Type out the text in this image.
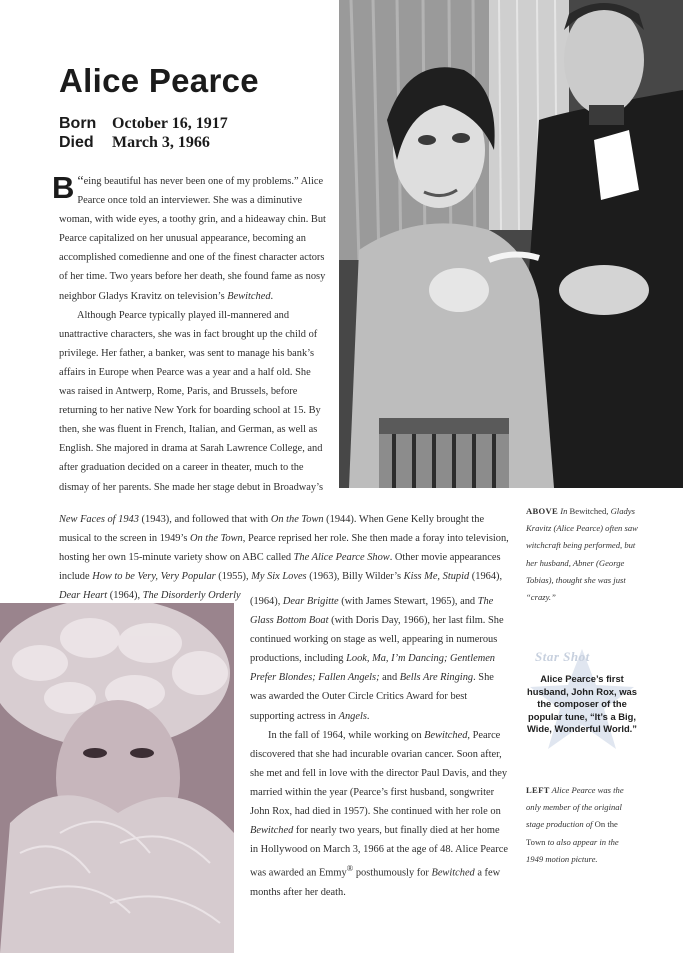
Alice Pearce
Born October 16, 1917
Died March 3, 1966

“
B eing beautiful has never been one of my problems.” Alice Pearce once told an interviewer. She was a diminutive woman, with wide eyes, a toothy grin, and a hideaway chin. But Pearce capitalized on her unusual appearance, becoming an accomplished comedienne and one of the finest character actors of her time. Two years before her death, she found fame as nosy neighbor Gladys Kravitz on television’s Bewitched.

Although Pearce typically played ill-mannered and unattractive characters, she was in fact brought up the child of privilege. Her father, a banker, was sent to manage his bank’s affairs in Europe when Pearce was a year and a half old. She was raised in Antwerp, Rome, Paris, and Brussels, before returning to her native New York for boarding school at 15. By then, she was fluent in French, Italian, and German, as well as English. She majored in drama at Sarah Lawrence College, and after graduation decided on a career in theater, much to the dismay of her parents. She made her stage debut in Broadway’s

New Faces of 1943 (1943), and followed that with On the Town (1944). When Gene Kelly brought the musical to the screen in 1949’s On the Town, Pearce reprised her role. She then made a foray into television, hosting her own 15-minute variety show on ABC called The Alice Pearce Show. Other movie appearances include How to be Very, Very Popular (1955), My Six Loves (1963), Billy Wilder’s Kiss Me, Stupid (1964), Dear Heart (1964), The Disorderly Orderly

(1964), Dear Brigitte (with James Stewart, 1965), and The Glass Bottom Boat (with Doris Day, 1966), her last film. She continued working on stage as well, appearing in numerous productions, including Look, Ma, I’m Dancing; Gentlemen Prefer Blondes; Fallen Angels; and Bells Are Ringing. She was awarded the Outer Circle Critics Award for best supporting actress in Angels.

In the fall of 1964, while working on Bewitched, Pearce discovered that she had incurable ovarian cancer. Soon after, she met and fell in love with the director Paul Davis, and they married within the year (Pearce’s first husband, songwriter John Rox, had died in 1957). She continued with her role on Bewitched for nearly two years, but finally died at her home in Hollywood on March 3, 1966 at the age of 48. Alice Pearce was awarded an Emmy® posthumously for Bewitched a few months after her death.

ABOVE In Bewitched, Gladys Kravitz (Alice Pearce) often saw witchcraft being performed, but her husband, Abner (George Tobias), thought she was just “crazy.”

Star Shot

Alice Pearce’s first husband, John Rox, was the composer of the popular tune, “It’s a Big, Wide, Wonderful World.”

LEFT Alice Pearce was the only member of the original stage production of On the Town to also appear in the 1949 motion picture.
